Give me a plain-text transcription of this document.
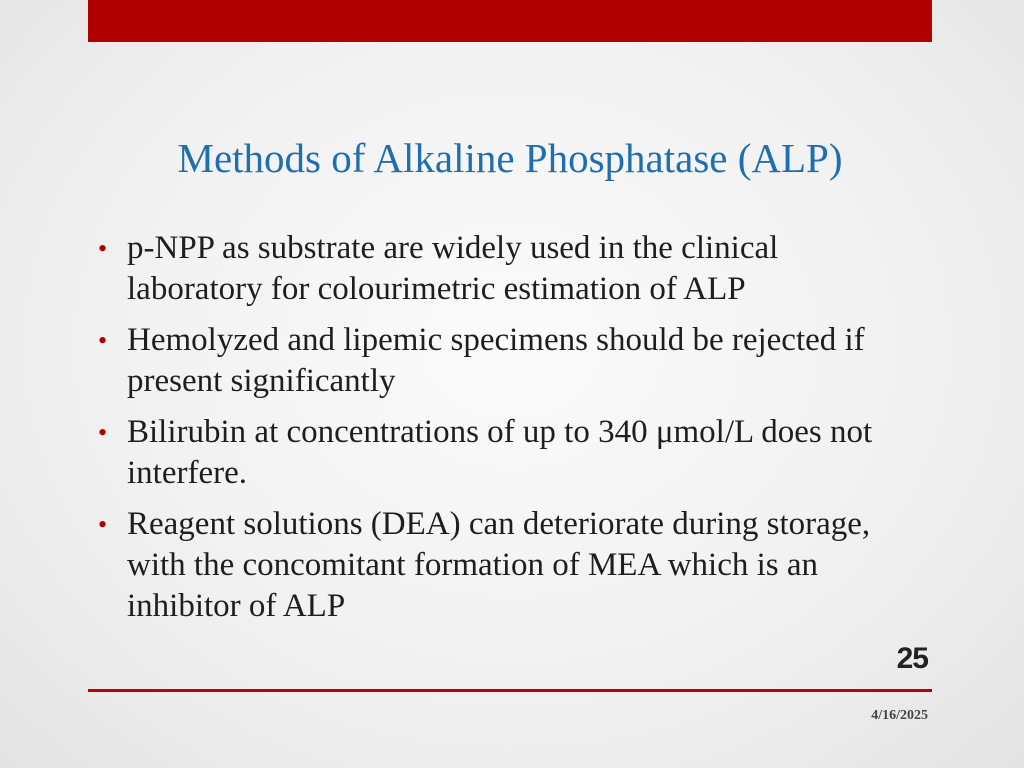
Methods of Alkaline Phosphatase (ALP)
• p-NPP as substrate are widely used in the clinical laboratory for colourimetric estimation of ALP
• Hemolyzed and lipemic specimens should be rejected if present significantly
• Bilirubin at concentrations of up to 340 μmol/L does not interfere.
• Reagent solutions (DEA) can deteriorate during storage, with the concomitant formation of MEA which is an inhibitor of ALP
25
4/16/2025
